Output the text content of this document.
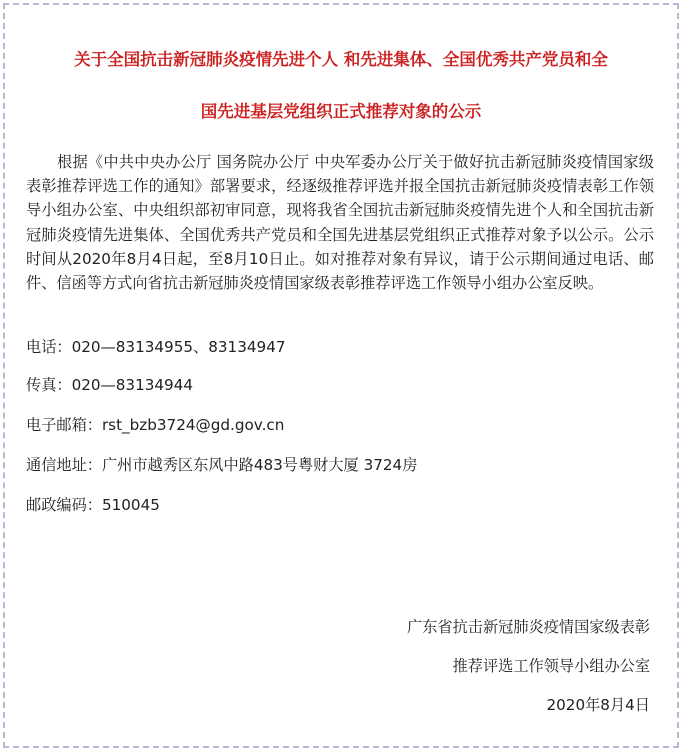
关于全国抗击新冠肺炎疫情先进个人 和先进集体、全国优秀共产党员和全
国先进基层党组织正式推荐对象的公示

根据《中共中央办公厅 国务院办公厅 中央军委办公厅关于做好抗击新冠肺炎疫情国家级表彰推荐评选工作的通知》部署要求，经逐级推荐评选并报全国抗击新冠肺炎疫情表彰工作领导小组办公室、中央组织部初审同意，现将我省全国抗击新冠肺炎疫情先进个人和全国抗击新冠肺炎疫情先进集体、全国优秀共产党员和全国先进基层党组织正式推荐对象予以公示。公示时间从2020年8月4日起，至8月10日止。如对推荐对象有异议，请于公示期间通过电话、邮件、信函等方式向省抗击新冠肺炎疫情国家级表彰推荐评选工作领导小组办公室反映。

电话：020—83134955、83134947

传真：020—83134944

电子邮箱：rst_bzb3724@gd.gov.cn

通信地址：广州市越秀区东风中路483号粤财大厦 3724房

邮政编码：510045

广东省抗击新冠肺炎疫情国家级表彰

推荐评选工作领导小组办公室

2020年8月4日
